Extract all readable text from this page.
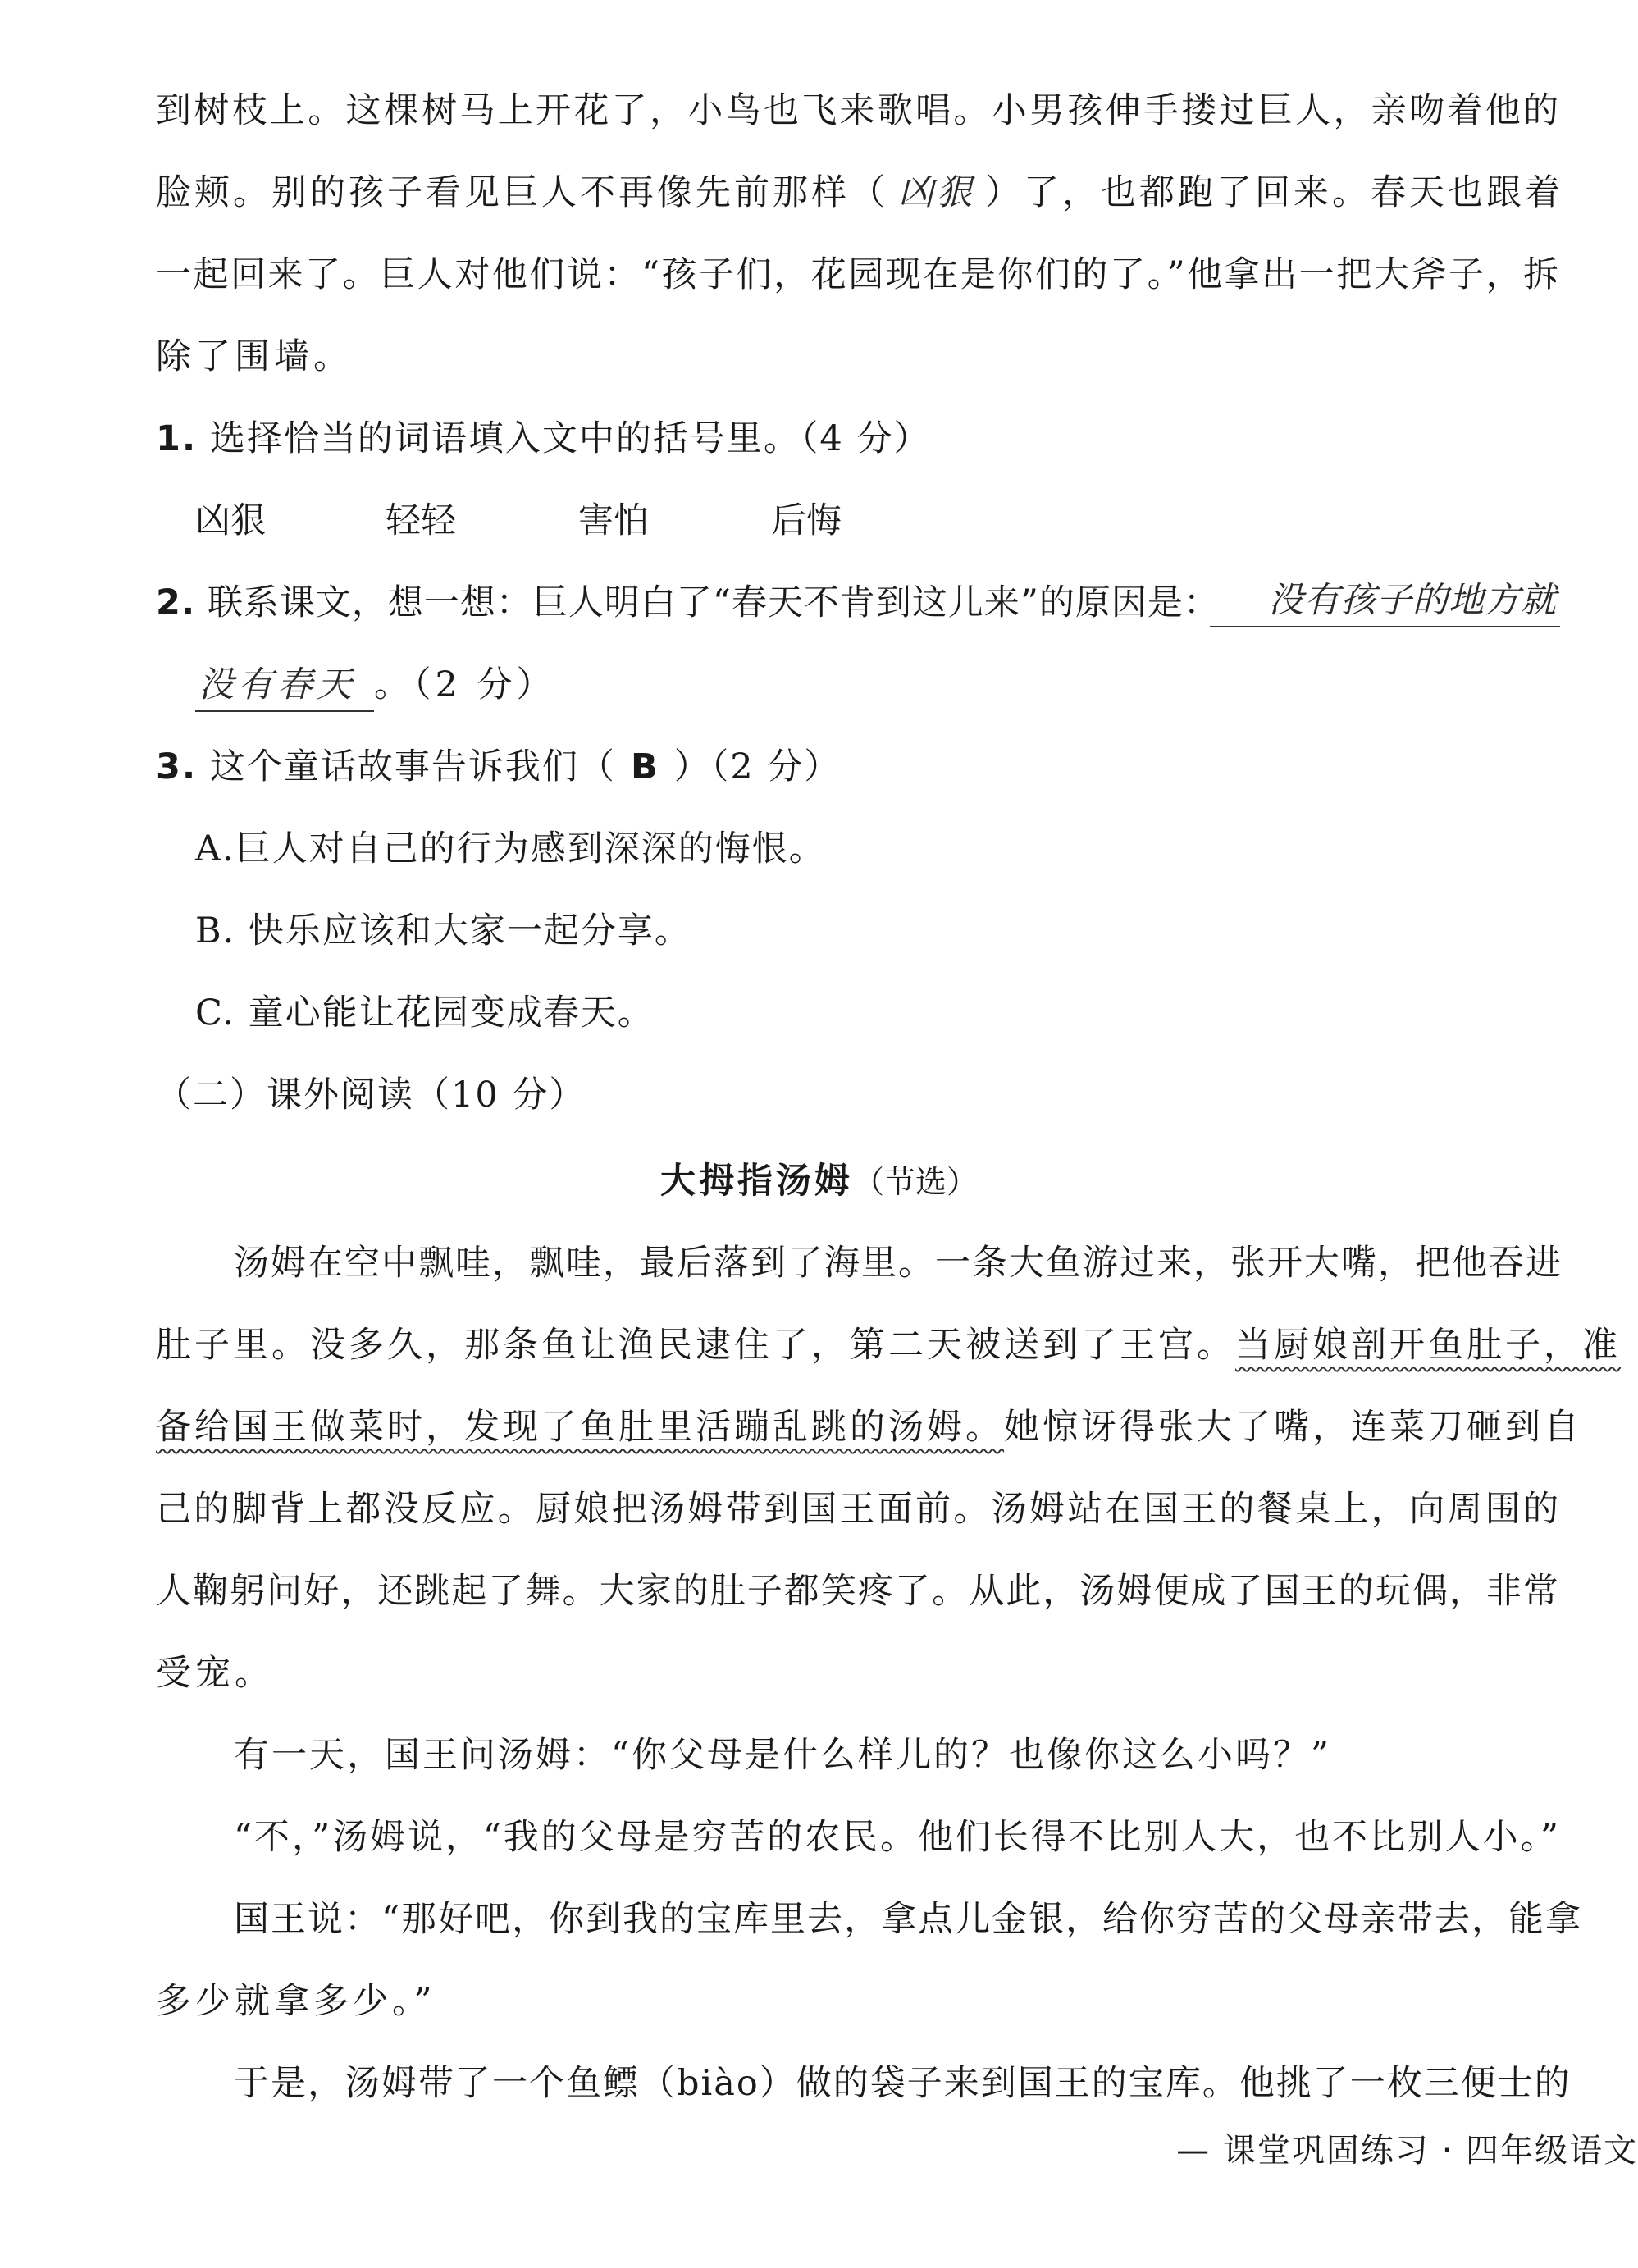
到树枝上。这棵树马上开花了，小鸟也飞来歌唱。小男孩伸手搂过巨人，亲吻着他的
脸颊。别的孩子看见巨人不再像先前那样（ 凶狠 ）了，也都跑了回来。春天也跟着
一起回来了。巨人对他们说：“孩子们，花园现在是你们的了。”他拿出一把大斧子，拆
除了围墙。
1. 选择恰当的词语填入文中的括号里。（4 分）
凶狠	轻轻	害怕	后悔
2. 联系课文，想一想：巨人明白了“春天不肯到这儿来”的原因是：	没有孩子的地方就
没有春天 。（2 分）
3. 这个童话故事告诉我们（ B ）（2 分）
A.巨人对自己的行为感到深深的悔恨。
B. 快乐应该和大家一起分享。
C. 童心能让花园变成春天。
（二）课外阅读（10 分）
大拇指汤姆（节选）
汤姆在空中飘哇，飘哇，最后落到了海里。一条大鱼游过来，张开大嘴，把他吞进
肚子里。没多久，那条鱼让渔民逮住了，第二天被送到了王宫。当厨娘剖开鱼肚子，准
备给国王做菜时，发现了鱼肚里活蹦乱跳的汤姆。她惊讶得张大了嘴，连菜刀砸到自
己的脚背上都没反应。厨娘把汤姆带到国王面前。汤姆站在国王的餐桌上，向周围的
人鞠躬问好，还跳起了舞。大家的肚子都笑疼了。从此，汤姆便成了国王的玩偶，非常
受宠。
有一天，国王问汤姆：“你父母是什么样儿的？也像你这么小吗？”
“不，”汤姆说，“我的父母是穷苦的农民。他们长得不比别人大，也不比别人小。”
国王说：“那好吧，你到我的宝库里去，拿点儿金银，给你穷苦的父母亲带去，能拿
多少就拿多少。”
于是，汤姆带了一个鱼鳔（biào）做的袋子来到国王的宝库。他挑了一枚三便士的
— 课堂巩固练习 · 四年级语文
